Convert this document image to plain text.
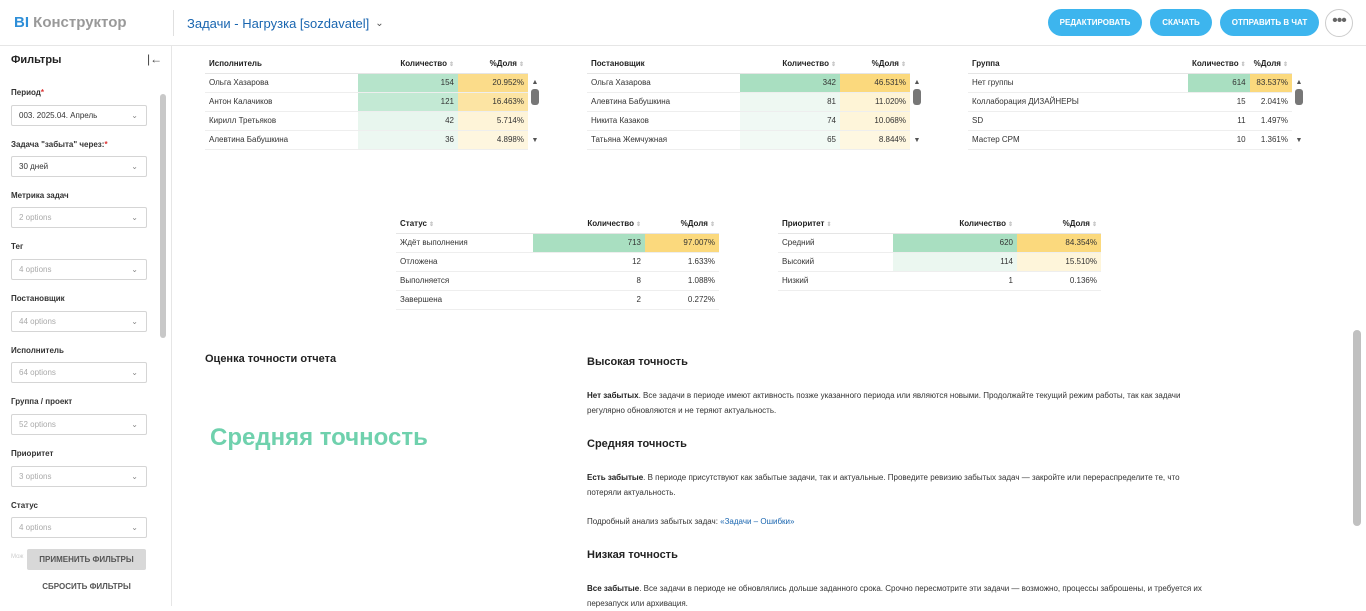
BI Конструктор	Задачи - Нагрузка [sozdavatel] ⌄	РЕДАКТИРОВАТЬ	СКАЧАТЬ	ОТПРАВИТЬ В ЧАТ	•••
Фильтры	|←
Период*
003. 2025.04. Апрель	⌄
Задача "забыта" через:*
30 дней	⌄
Метрика задач
2 options	⌄
Тег
4 options	⌄
Постановщик
44 options	⌄
Исполнитель
64 options	⌄
Группа / проект
52 options	⌄
Приоритет
3 options	⌄
Статус
4 options	⌄
Мож	ПРИМЕНИТЬ ФИЛЬТРЫ
СБРОСИТЬ ФИЛЬТРЫ
Исполнитель	Количество ⇕	%Доля ⇕
Ольга Хазарова	154	20.952%
Антон Калачиков	121	16.463%
Кирилл Третьяков	42	5.714%
Алевтина Бабушкина	36	4.898%
▲
▼
Постановщик	Количество ⇕	%Доля ⇕
Ольга Хазарова	342	46.531%
Алевтина Бабушкина	81	11.020%
Никита Казаков	74	10.068%
Татьяна Жемчужная	65	8.844%
▲
▼
Группа	Количество ⇕	%Доля ⇕
Нет группы	614	83.537%
Коллаборация ДИЗАЙНЕРЫ	15	2.041%
SD	11	1.497%
Мастер CPM	10	1.361%
▲
▼
Статус ⇕	Количество ⇕	%Доля ⇕
Ждёт выполнения	713	97.007%
Отложена	12	1.633%
Выполняется	8	1.088%
Завершена	2	0.272%
Приоритет ⇕	Количество ⇕	%Доля ⇕
Средний	620	84.354%
Высокий	114	15.510%
Низкий	1	0.136%
Оценка точности отчета
Средняя точность
Высокая точность
Нет забытых. Все задачи в периоде имеют активность позже указанного периода или являются новыми. Продолжайте текущий режим работы, так как задачи
регулярно обновляются и не теряют актуальность.
Средняя точность
Есть забытые. В периоде присутствуют как забытые задачи, так и актуальные. Проведите ревизию забытых задач — закройте или перераспределите те, что
потеряли актуальность.
Подробный анализ забытых задач: «Задачи – Ошибки»
Низкая точность
Все забытые. Все задачи в периоде не обновлялись дольше заданного срока. Срочно пересмотрите эти задачи — возможно, процессы заброшены, и требуется их
перезапуск или архивация.
